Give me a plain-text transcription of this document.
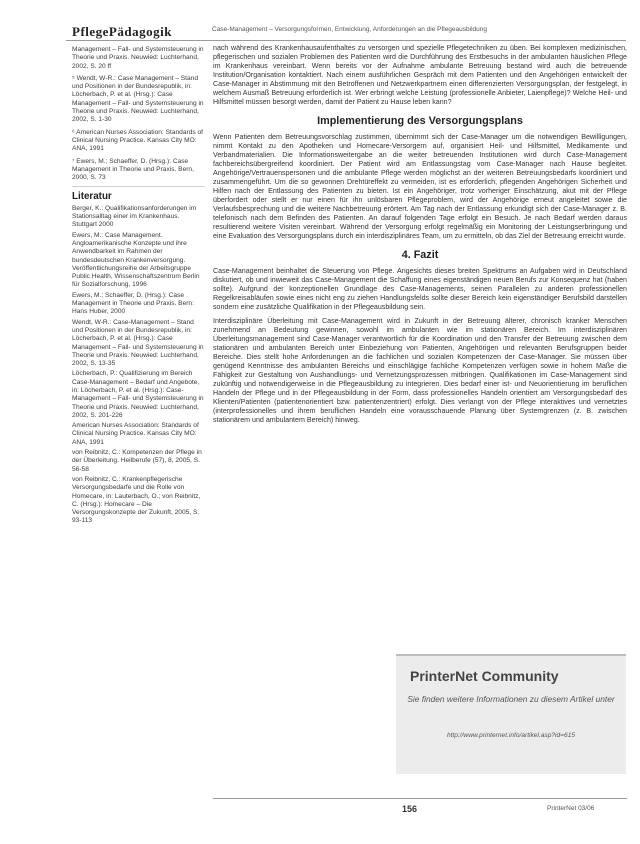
PflegePädagogik	Case-Management – Versorgungsformen, Entwicklung, Anforderungen an die Pflegeausbildung

Management – Fall- und Systemsteuerung in Theorie und Praxis. Neuwied: Luchterhand, 2002, S. 20 ff

⁵ Wendt, W-R.: Case Management – Stand und Positionen in der Bundesrepublik, in: Löcherbach, P. et al. (Hrsg.): Case Management – Fall- und Systemsteuerung in Theorie und Praxis. Neuwied: Luchterhand, 2002, S. 1-30

⁶ American Nurses Association: Standards of Clinical Nursing Practice. Kansas City MO: ANA, 1991

⁷ Ewers, M.; Schaeffer, D. (Hrsg.): Case Management in Theorie und Praxis. Bern, 2000, S. 73

Literatur

Berger, K.: Qualifikationsanforderungen im Stationsalltag einer im Krankenhaus. Stuttgart 2000

Ewers, M.: Case Management. Angloamerikanische Konzepte und ihre Anwendbarkeit im Rahmen der bundesdeutschen Krankenversorgung. Veröffentlichungsreihe der Arbeitsgruppe Public Health, Wissenschaftszentrum Berlin für Sozialforschung, 1996

Ewers, M.; Schaeffer, D. (Hrsg.): Case Management in Theorie und Praxis. Bern: Hans Huber, 2000

Wendt, W-R.: Case-Management – Stand und Positionen in der Bundesrepublik, in: Löcherbach, P. et al. (Hrsg.): Case Management – Fall- und Systemsteuerung in Theorie und Praxis. Neuwied: Luchterhand, 2002, S. 13-35

Löcherbach, P.: Qualifizierung im Bereich Case-Management – Bedarf und Angebote, in: Löcherbach, P. et al. (Hrsg.): Case-Management – Fall- und Systemsteuerung in Theorie und Praxis. Neuwied: Luchterhand, 2002, S. 201-226

American Nurses Association: Standards of Clinical Nursing Practice. Kansas City MO: ANA, 1991

von Reibnitz, C.: Kompetenzen der Pflege in der Überleitung. Heilberufe (57), 8, 2005, S. 56-58

von Reibnitz, C.: Krankenpflegerische Versorgungsbedarfe und die Rolle von Homecare, in: Lauterbach, O.; von Reibnitz, C. (Hrsg.): Homecare – Die Versorgungskonzepte der Zukunft, 2005, S. 93-113

nach während des Krankenhausaufenthaltes zu versorgen und spezielle Pflegetechniken zu üben. Bei komplexen medizinischen, pflegerischen und sozialen Problemen des Patienten wird die Durchführung des Erstbesuchs in der ambulanten häuslichen Pflege im Krankenhaus vereinbart. Wenn bereits vor der Aufnahme ambulante Betreuung bestand wird auch die betreuende Institution/Organisation kontaktiert. Nach einem ausführlichen Gespräch mit dem Patienten und den Angehörigen entwickelt der Case-Manager in Abstimmung mit den Betroffenen und Netzwerkpartnern einen differenzierten Versorgungsplan, der festgelegt, in welchem Ausmaß Betreuung erforderlich ist. Wer erbringt welche Leistung (professionelle Anbieter, Laienpflege)? Welche Heil- und Hilfsmittel müssen besorgt werden, damit der Patient zu Hause leben kann?

Implementierung des Versorgungsplans

Wenn Patienten dem Betreuungsvorschlag zustimmen, übernimmt sich der Case-Manager um die notwendigen Bewilligungen, nimmt Kontakt zu den Apotheken und Homecare-Versorgern auf, organisiert Heil- und Hilfsmittel, Medikamente und Verbandmaterialien. Die Informationsweitergabe an die weiter betreuenden Institutionen wird durch Case-Management fachbereichsübergreifend koordiniert. Der Patient wird am Entlassungstag vom Case-Manager nach Hause begleitet. Angehörige/Vertrauenspersonen und die ambulante Pflege werden möglichst an der weiteren Betreuungsbedarfs koordiniert und zusammengeführt. Um die so gewonnen Drehtüreffekt zu vermeiden, ist es erforderlich, pflegenden Angehörigen Sicherheit und Hilfen nach der Entlassung des Patienten zu bieten. Ist ein Angehöriger, trotz vorheriger Einschätzung, akut mit der Pflege überfordert oder stellt er nur einen für ihn unlösbaren Pflegeproblem, wird der Angehörige erneut angeleitet sowie die Verlaufsbesprechung und die weitere Nachbetreuung erörtert. Am Tag nach der Entlassung erkundigt sich der Case-Manager z. B. telefonisch nach dem Befinden des Patienten. An darauf folgenden Tage erfolgt ein Besuch. Je nach Bedarf werden daraus resultierend weitere Visiten vereinbart. Während der Versorgung erfolgt regelmäßig ein Monitoring der Leistungserbringung und eine Evaluation des Versorgungsplans durch ein interdisziplinäres Team, um zu ermitteln, ob das Ziel der Betreuung erreicht wurde.

4. Fazit

Case-Management beinhaltet die Steuerung von Pflege. Angesichts dieses breiten Spektrums an Aufgaben wird in Deutschland diskutiert, ob und inwieweit das Case-Management die Schaffung eines eigenständigen neuen Berufs zur Konsequenz hat (haben sollte). Aufgrund der konzeptionellen Grundlage des Case-Managements, seinen Parallelen zu anderen professionellen Regelkreisabläufen sowie eines nicht eng zu ziehen Handlungsfelds sollte dieser Bereich kein eigenständiger Berufsbild darstellen sondern eine zusätzliche Qualifikation in der Pflegeausbildung sein.

Interdisziplinäre Überleitung mit Case-Management wird in Zukunft in der Betreuung älterer, chronisch kranker Menschen zunehmend an Bedeutung gewinnen, sowohl im ambulanten wie im stationären Bereich. Im interdisziplinären Überleitungsmanagement sind Case-Manager verantwortlich für die Koordination und den Transfer der Betreuung zwischen dem stationären und ambulanten Bereich unter Einbeziehung von Patienten, Angehörigen und relevanten Berufsgruppen beider Bereiche. Dies stellt hohe Anforderungen an die fachlichen und sozialen Kompetenzen der Case-Manager. Sie müssen über genügend Kenntnisse des ambulanten Bereichs und einschlägige fachliche Kompetenzen verfügen sowie in hohem Maße die Fähigkeit zur Gestaltung von Aushandlungs- und Vernetzungsprozessen mitbringen. Qualifikationen im Case-Management sind zukünftig und notwendigerweise in die Pflegeausbildung zu integrieren. Dies bedarf einer ist- und Neuorientierung im beruflichen Handeln der Pflege und in der Pflegeausbildung in der Form, dass professionelles Handeln orientiert am Versorgungsbedarf des Klienten/Patienten (patientenorientiert bzw. patientenzentriert) erfolgt. Dies verlangt von der Pflege interaktives und vernetztes (interprofessionelles und ihrem beruflichen Handeln eine vorausschauende Planung über Systemgrenzen (z. B. zwischen stationärem und ambulantem Bereich) hinweg.

PrinterNet Community
Sie finden weitere Informationen zu diesem Artikel unter
http://www.printernet.info/artikel.asp?id=615
156	PrinterNet 03/06
